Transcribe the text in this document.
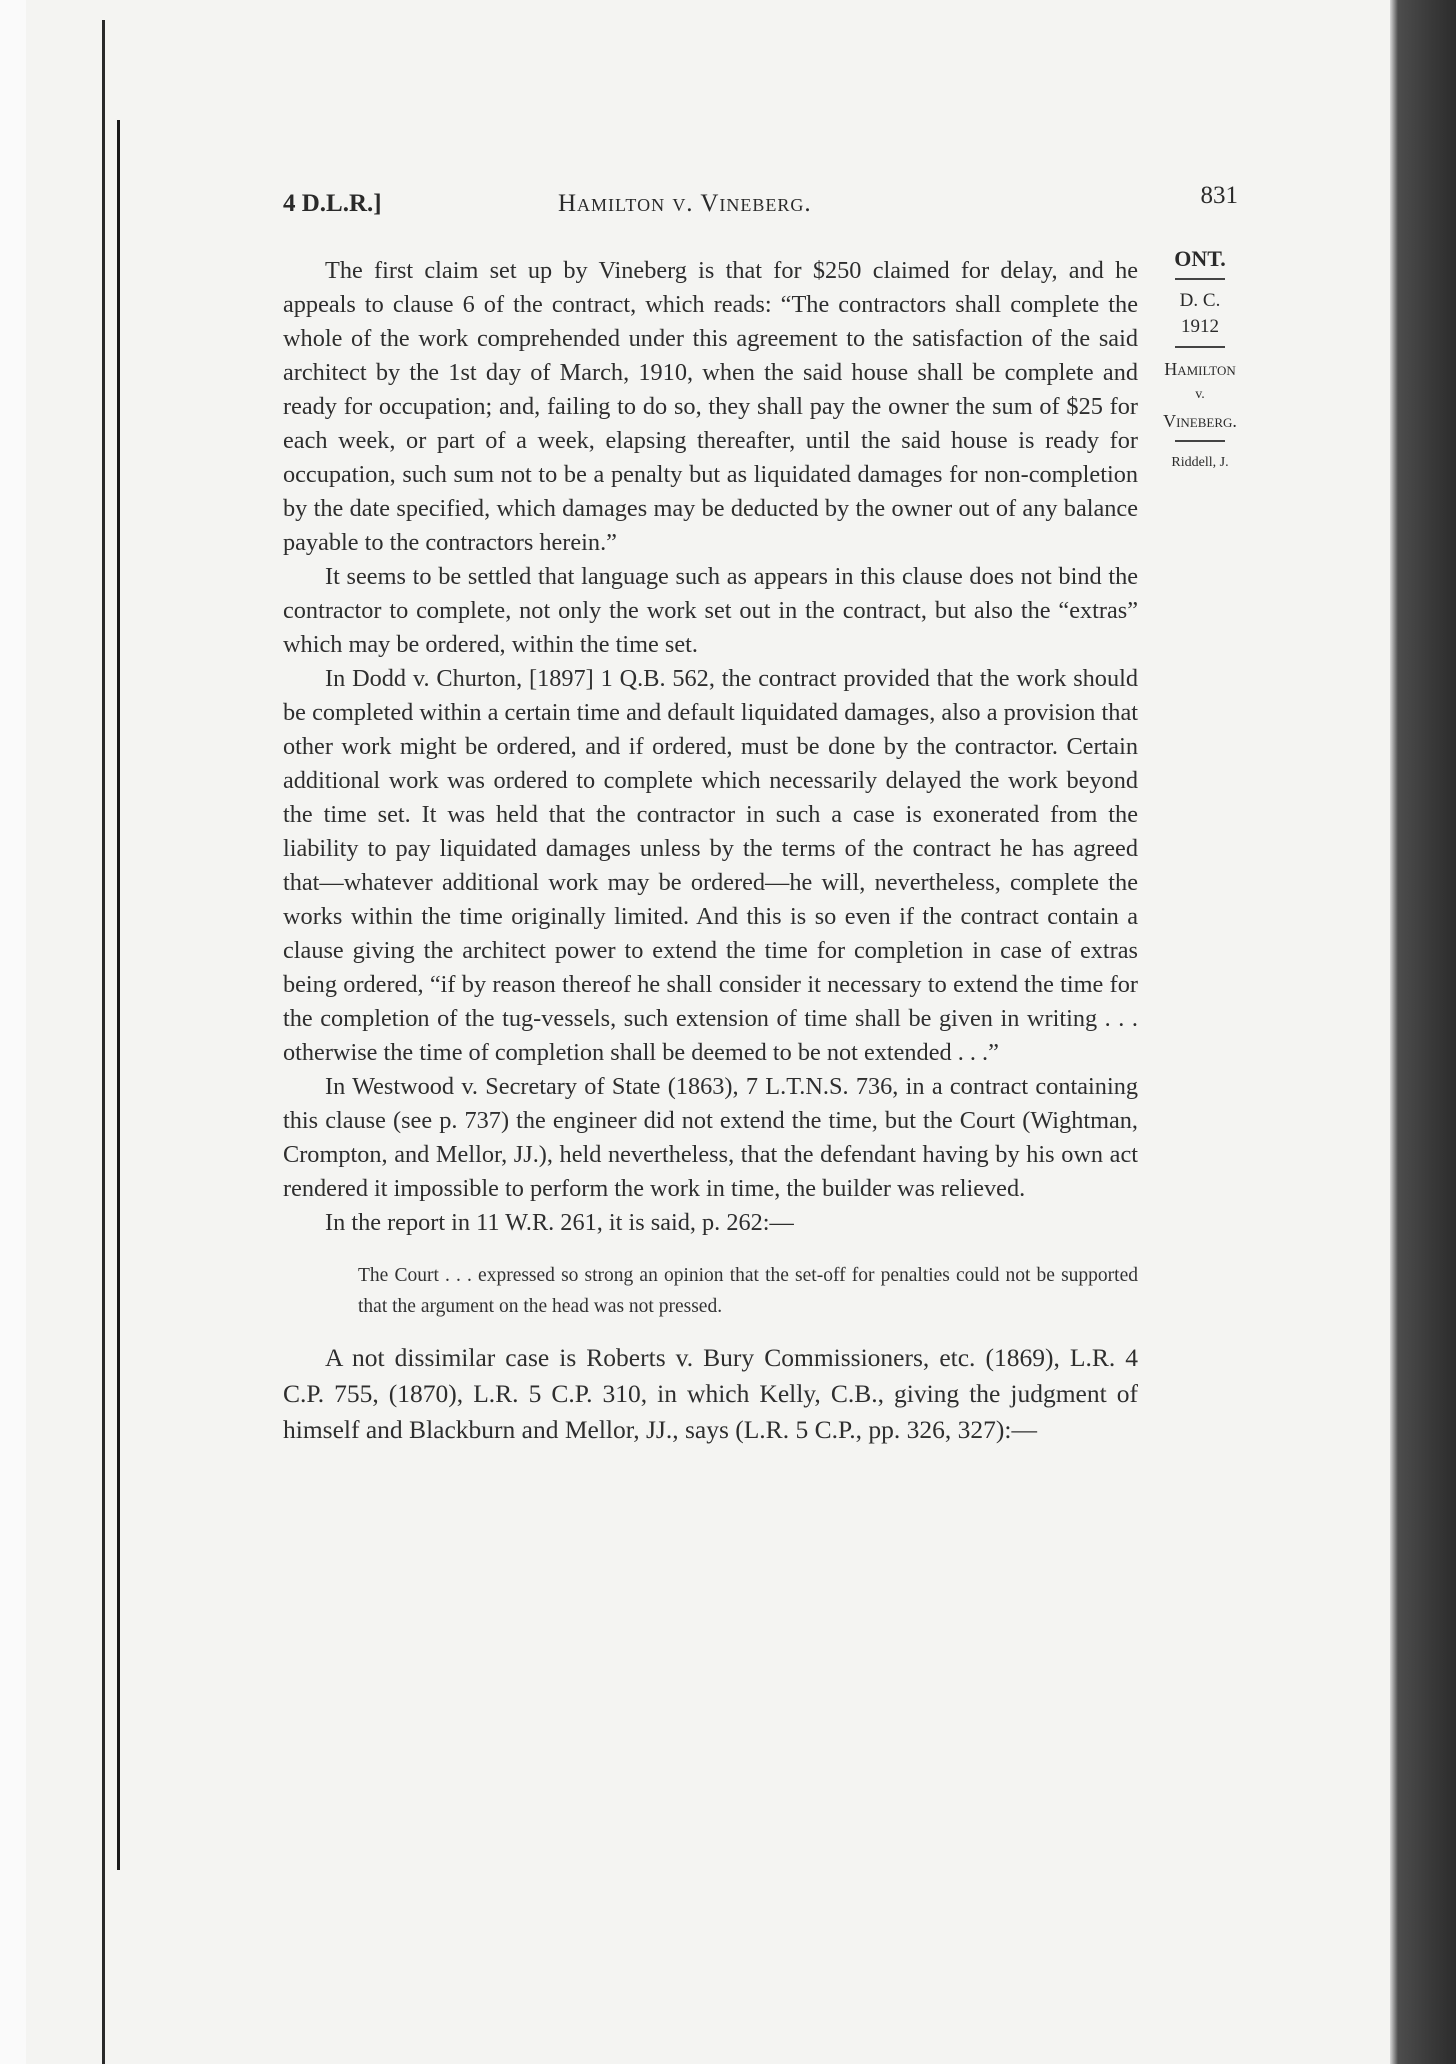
4 D.L.R.]	Hamilton v. Vineberg.	831
ONT.
D. C.
1912
Hamilton
v.
Vineberg.
Riddell, J.

The first claim set up by Vineberg is that for $250 claimed for delay, and he appeals to clause 6 of the contract, which reads: “The contractors shall complete the whole of the work comprehended under this agreement to the satisfaction of the said architect by the 1st day of March, 1910, when the said house shall be complete and ready for occupation; and, failing to do so, they shall pay the owner the sum of $25 for each week, or part of a week, elapsing thereafter, until the said house is ready for occupation, such sum not to be a penalty but as liquidated damages for non-completion by the date specified, which damages may be deducted by the owner out of any balance payable to the contractors herein.”

It seems to be settled that language such as appears in this clause does not bind the contractor to complete, not only the work set out in the contract, but also the “extras” which may be ordered, within the time set.

In Dodd v. Churton, [1897] 1 Q.B. 562, the contract provided that the work should be completed within a certain time and default liquidated damages, also a provision that other work might be ordered, and if ordered, must be done by the contractor. Certain additional work was ordered to complete which necessarily delayed the work beyond the time set. It was held that the contractor in such a case is exonerated from the liability to pay liquidated damages unless by the terms of the contract he has agreed that—whatever additional work may be ordered—he will, nevertheless, complete the works within the time originally limited. And this is so even if the contract contain a clause giving the architect power to extend the time for completion in case of extras being ordered, “if by reason thereof he shall consider it necessary to extend the time for the completion of the tug-vessels, such extension of time shall be given in writing . . . otherwise the time of completion shall be deemed to be not extended . . .”

In Westwood v. Secretary of State (1863), 7 L.T.N.S. 736, in a contract containing this clause (see p. 737) the engineer did not extend the time, but the Court (Wightman, Crompton, and Mellor, JJ.), held nevertheless, that the defendant having by his own act rendered it impossible to perform the work in time, the builder was relieved.

In the report in 11 W.R. 261, it is said, p. 262:—

The Court . . . expressed so strong an opinion that the set-off for penalties could not be supported that the argument on the head was not pressed.

A not dissimilar case is Roberts v. Bury Commissioners, etc. (1869), L.R. 4 C.P. 755, (1870), L.R. 5 C.P. 310, in which Kelly, C.B., giving the judgment of himself and Blackburn and Mellor, JJ., says (L.R. 5 C.P., pp. 326, 327):—
